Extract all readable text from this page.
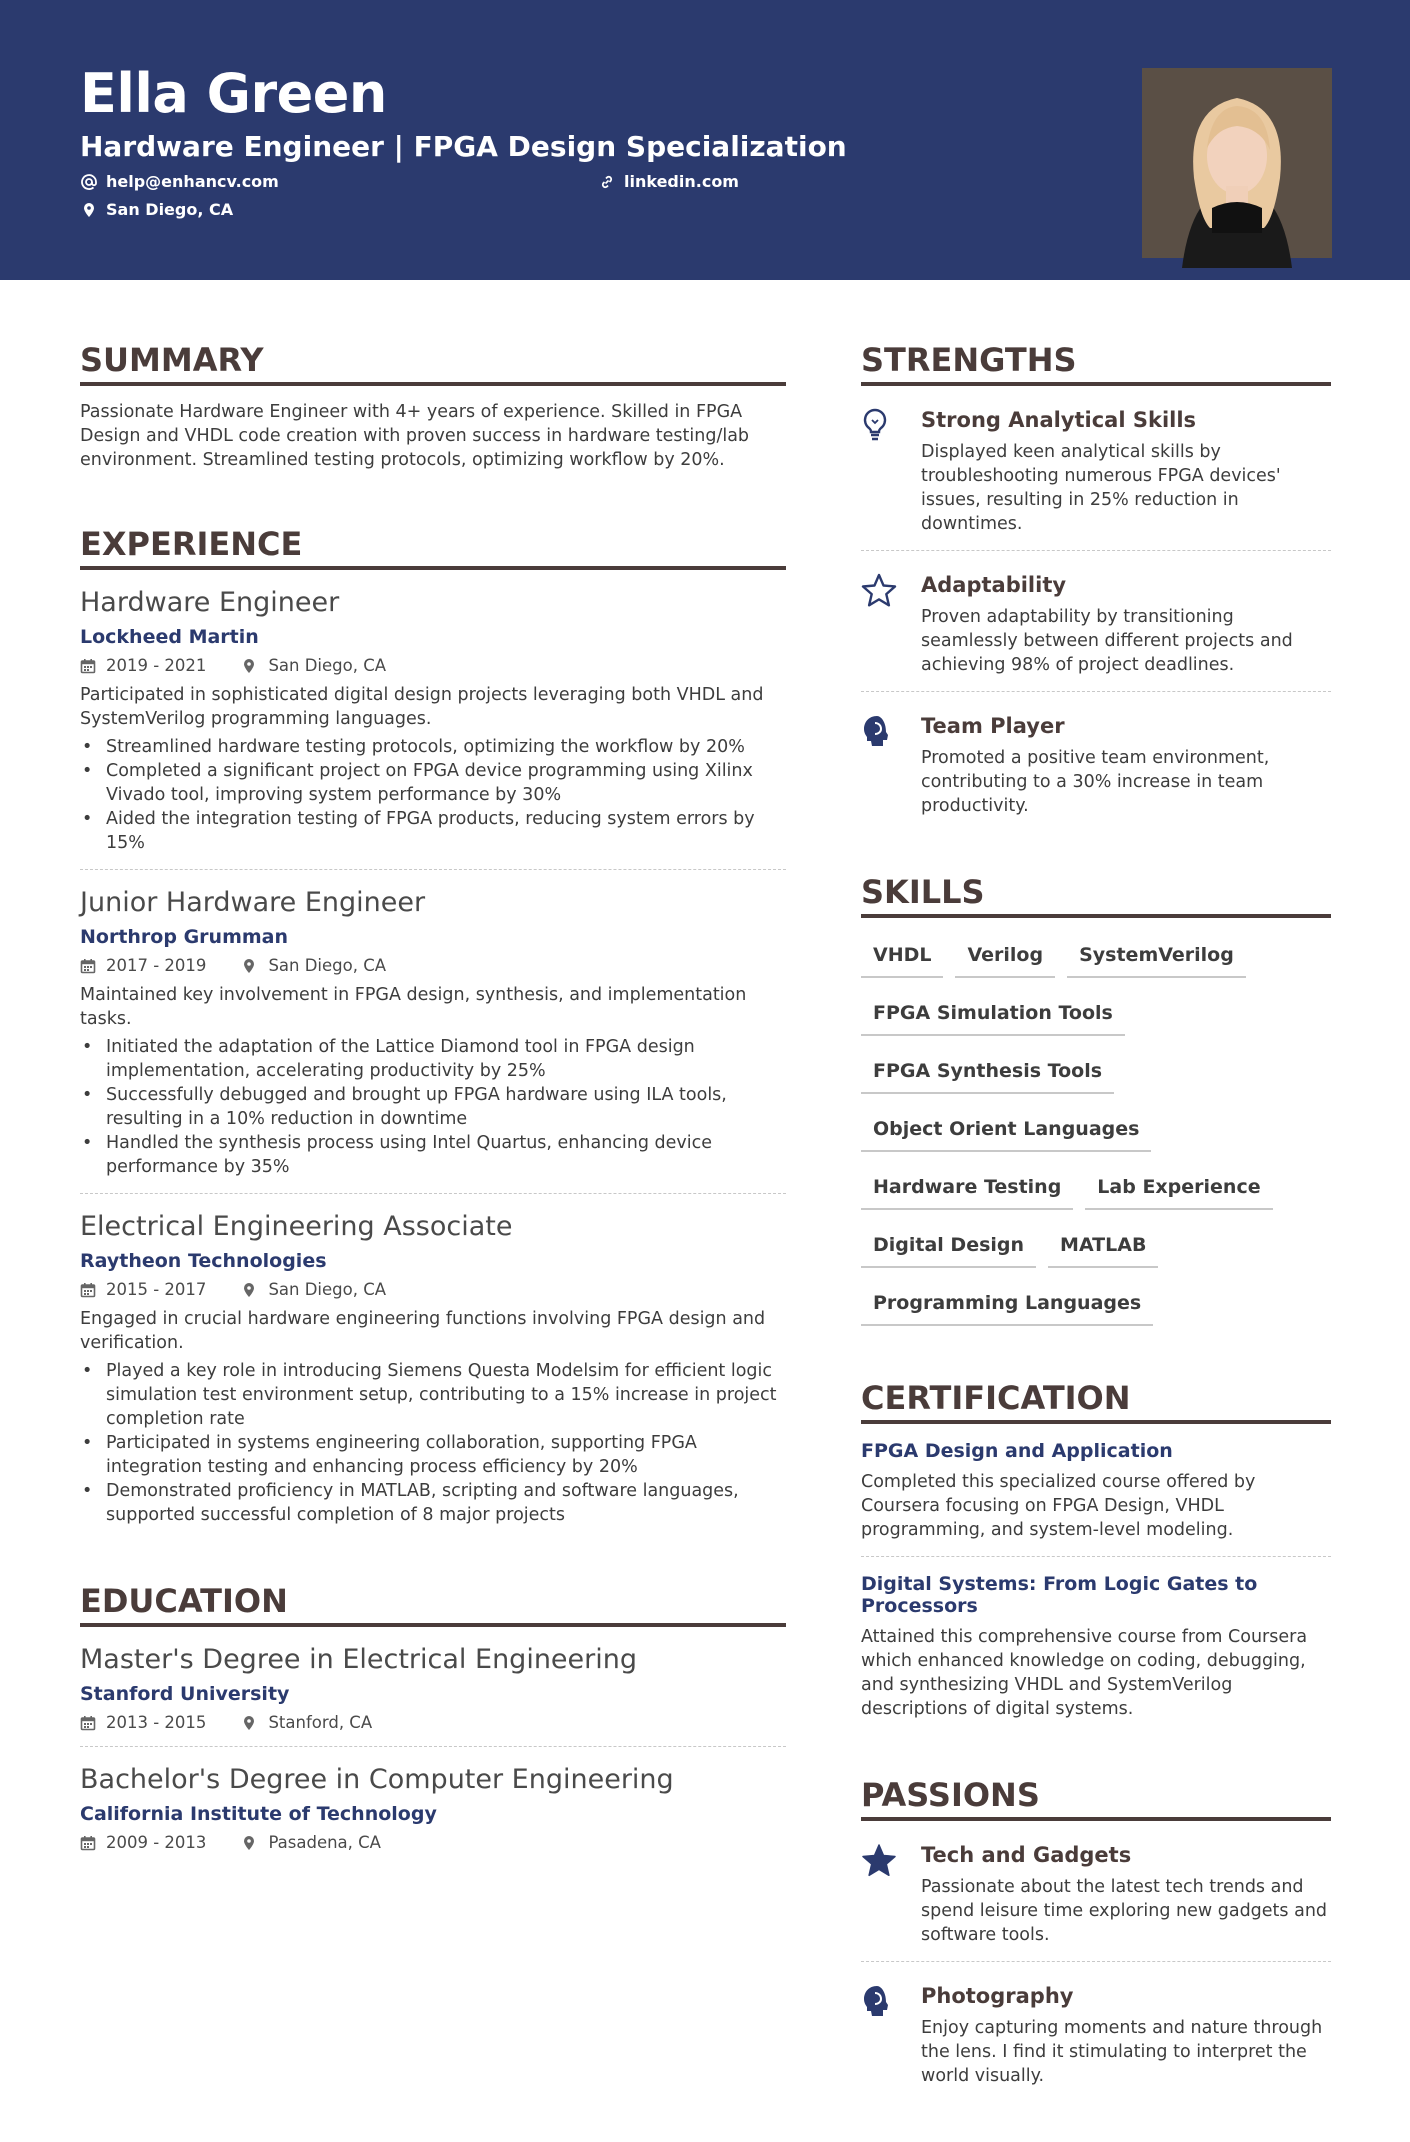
Ella Green
Hardware Engineer | FPGA Design Specialization
help@enhancv.com	linkedin.com
San Diego, CA
SUMMARY
Passionate Hardware Engineer with 4+ years of experience. Skilled in FPGA Design and VHDL code creation with proven success in hardware testing/lab environment. Streamlined testing protocols, optimizing workflow by 20%.
EXPERIENCE
Hardware Engineer
Lockheed Martin
2019 - 2021	San Diego, CA
Participated in sophisticated digital design projects leveraging both VHDL and SystemVerilog programming languages.
• Streamlined hardware testing protocols, optimizing the workflow by 20%
• Completed a significant project on FPGA device programming using Xilinx Vivado tool, improving system performance by 30%
• Aided the integration testing of FPGA products, reducing system errors by 15%
Junior Hardware Engineer
Northrop Grumman
2017 - 2019	San Diego, CA
Maintained key involvement in FPGA design, synthesis, and implementation tasks.
• Initiated the adaptation of the Lattice Diamond tool in FPGA design implementation, accelerating productivity by 25%
• Successfully debugged and brought up FPGA hardware using ILA tools, resulting in a 10% reduction in downtime
• Handled the synthesis process using Intel Quartus, enhancing device performance by 35%
Electrical Engineering Associate
Raytheon Technologies
2015 - 2017	San Diego, CA
Engaged in crucial hardware engineering functions involving FPGA design and verification.
• Played a key role in introducing Siemens Questa Modelsim for efficient logic simulation test environment setup, contributing to a 15% increase in project completion rate
• Participated in systems engineering collaboration, supporting FPGA integration testing and enhancing process efficiency by 20%
• Demonstrated proficiency in MATLAB, scripting and software languages, supported successful completion of 8 major projects
EDUCATION
Master's Degree in Electrical Engineering
Stanford University
2013 - 2015	Stanford, CA
Bachelor's Degree in Computer Engineering
California Institute of Technology
2009 - 2013	Pasadena, CA
STRENGTHS
Strong Analytical Skills
Displayed keen analytical skills by troubleshooting numerous FPGA devices' issues, resulting in 25% reduction in downtimes.
Adaptability
Proven adaptability by transitioning seamlessly between different projects and achieving 98% of project deadlines.
Team Player
Promoted a positive team environment, contributing to a 30% increase in team productivity.
SKILLS
VHDL	Verilog	SystemVerilog
FPGA Simulation Tools
FPGA Synthesis Tools
Object Orient Languages
Hardware Testing	Lab Experience
Digital Design	MATLAB
Programming Languages
CERTIFICATION
FPGA Design and Application
Completed this specialized course offered by Coursera focusing on FPGA Design, VHDL programming, and system-level modeling.
Digital Systems: From Logic Gates to Processors
Attained this comprehensive course from Coursera which enhanced knowledge on coding, debugging, and synthesizing VHDL and SystemVerilog descriptions of digital systems.
PASSIONS
Tech and Gadgets
Passionate about the latest tech trends and spend leisure time exploring new gadgets and software tools.
Photography
Enjoy capturing moments and nature through the lens. I find it stimulating to interpret the world visually.
